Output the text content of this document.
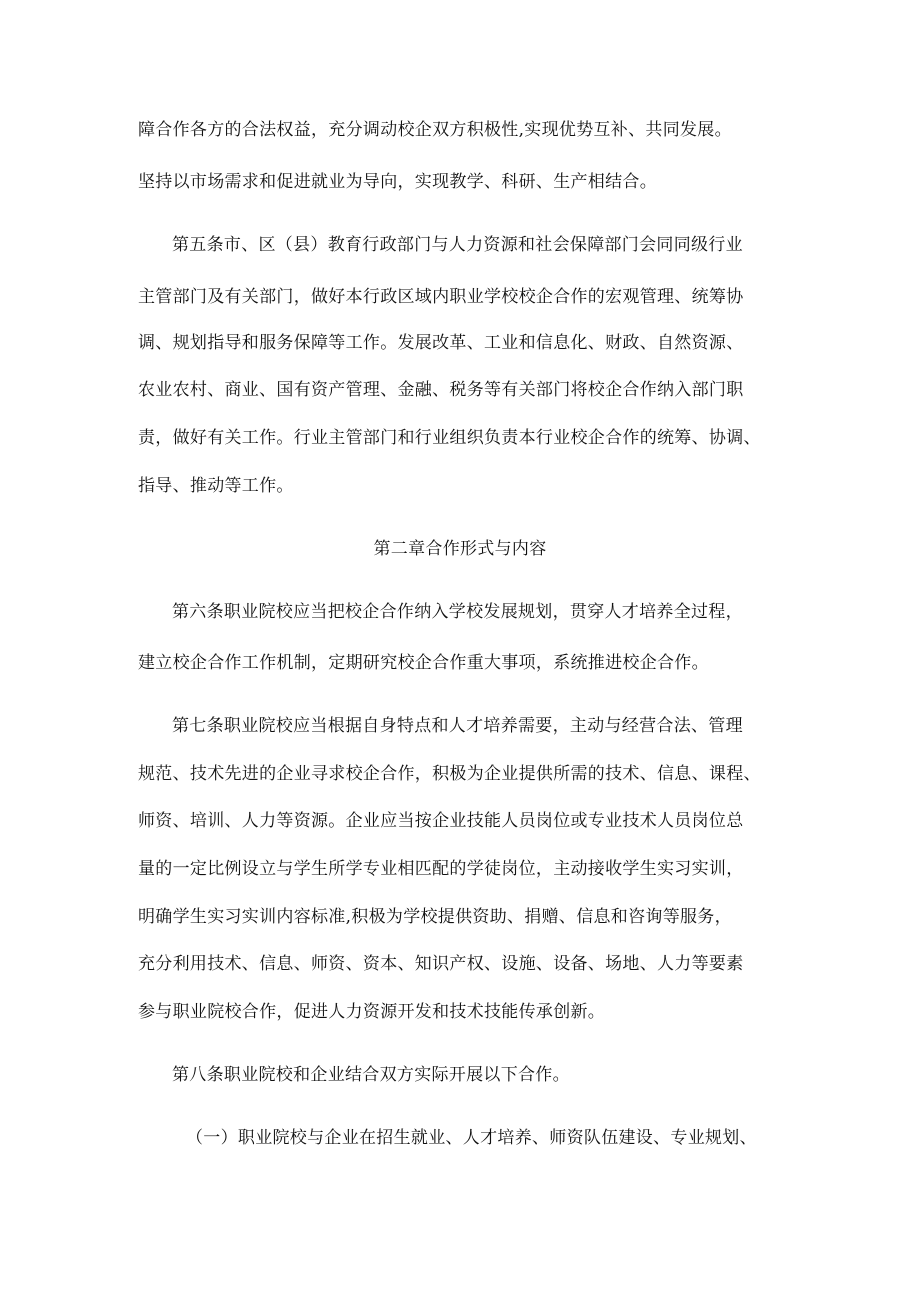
障合作各方的合法权益，充分调动校企双方积极性,实现优势互补、共同发展。
坚持以市场需求和促进就业为导向，实现教学、科研、生产相结合。
第五条市、区（县）教育行政部门与人力资源和社会保障部门会同同级行业
主管部门及有关部门，做好本行政区域内职业学校校企合作的宏观管理、统筹协
调、规划指导和服务保障等工作。发展改革、工业和信息化、财政、自然资源、
农业农村、商业、国有资产管理、金融、税务等有关部门将校企合作纳入部门职
责，做好有关工作。行业主管部门和行业组织负责本行业校企合作的统筹、协调、
指导、推动等工作。
第二章合作形式与内容
第六条职业院校应当把校企合作纳入学校发展规划，贯穿人才培养全过程，
建立校企合作工作机制，定期研究校企合作重大事项，系统推进校企合作。
第七条职业院校应当根据自身特点和人才培养需要，主动与经营合法、管理
规范、技术先进的企业寻求校企合作，积极为企业提供所需的技术、信息、课程、
师资、培训、人力等资源。企业应当按企业技能人员岗位或专业技术人员岗位总
量的一定比例设立与学生所学专业相匹配的学徒岗位，主动接收学生实习实训，
明确学生实习实训内容标准,积极为学校提供资助、捐赠、信息和咨询等服务，
充分利用技术、信息、师资、资本、知识产权、设施、设备、场地、人力等要素
参与职业院校合作，促进人力资源开发和技术技能传承创新。
第八条职业院校和企业结合双方实际开展以下合作。
（一）职业院校与企业在招生就业、人才培养、师资队伍建设、专业规划、
